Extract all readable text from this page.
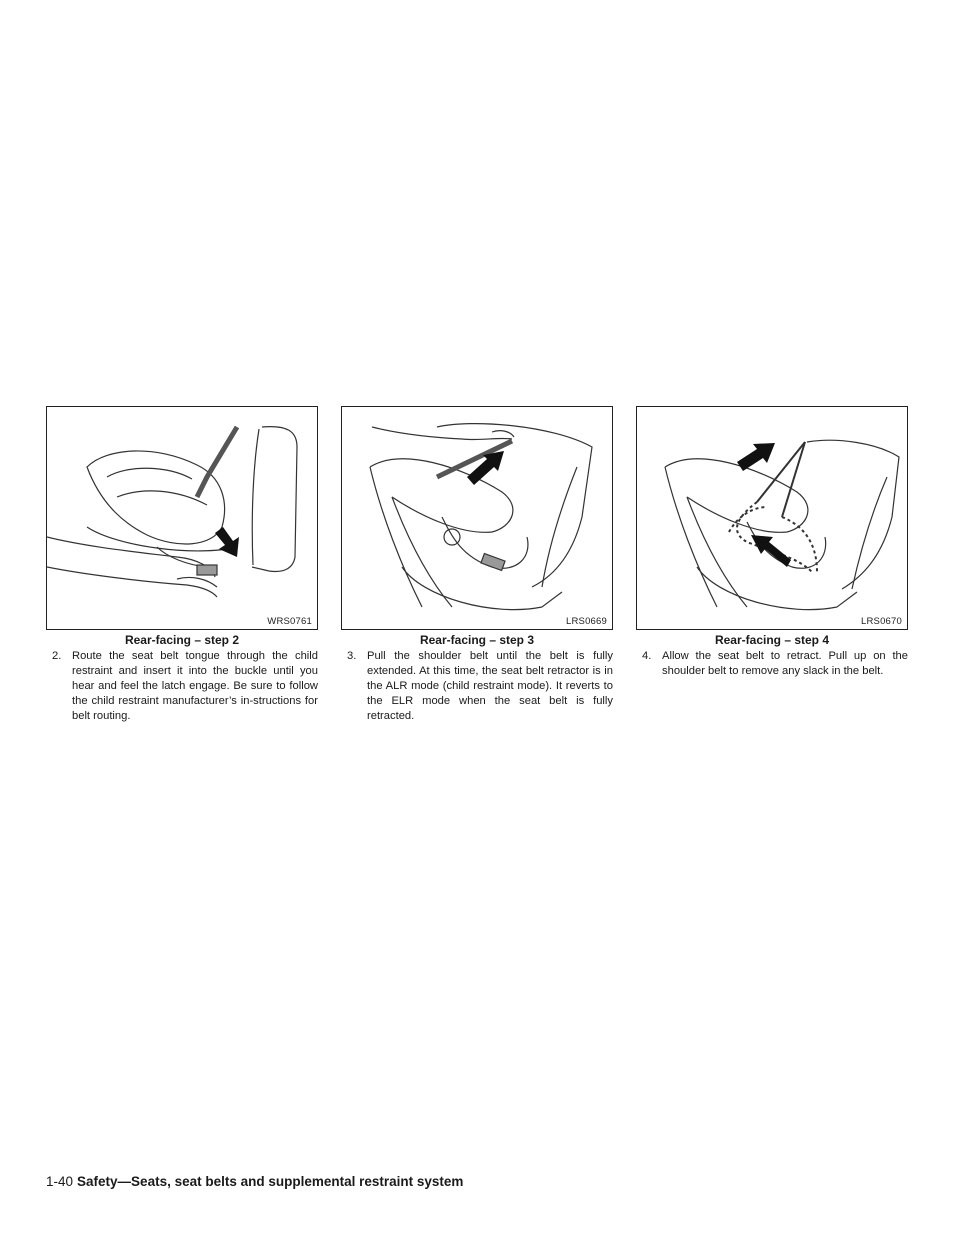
WRS0761
Rear-facing – step 2
2. Route the seat belt tongue through the child restraint and insert it into the buckle until you hear and feel the latch engage. Be sure to follow the child restraint manufacturer’s in-structions for belt routing.
LRS0669
Rear-facing – step 3
3. Pull the shoulder belt until the belt is fully extended. At this time, the seat belt retractor is in the ALR mode (child restraint mode). It reverts to the ELR mode when the seat belt is fully retracted.
LRS0670
Rear-facing – step 4
4. Allow the seat belt to retract. Pull up on the shoulder belt to remove any slack in the belt.
1-40 Safety—Seats, seat belts and supplemental restraint system
